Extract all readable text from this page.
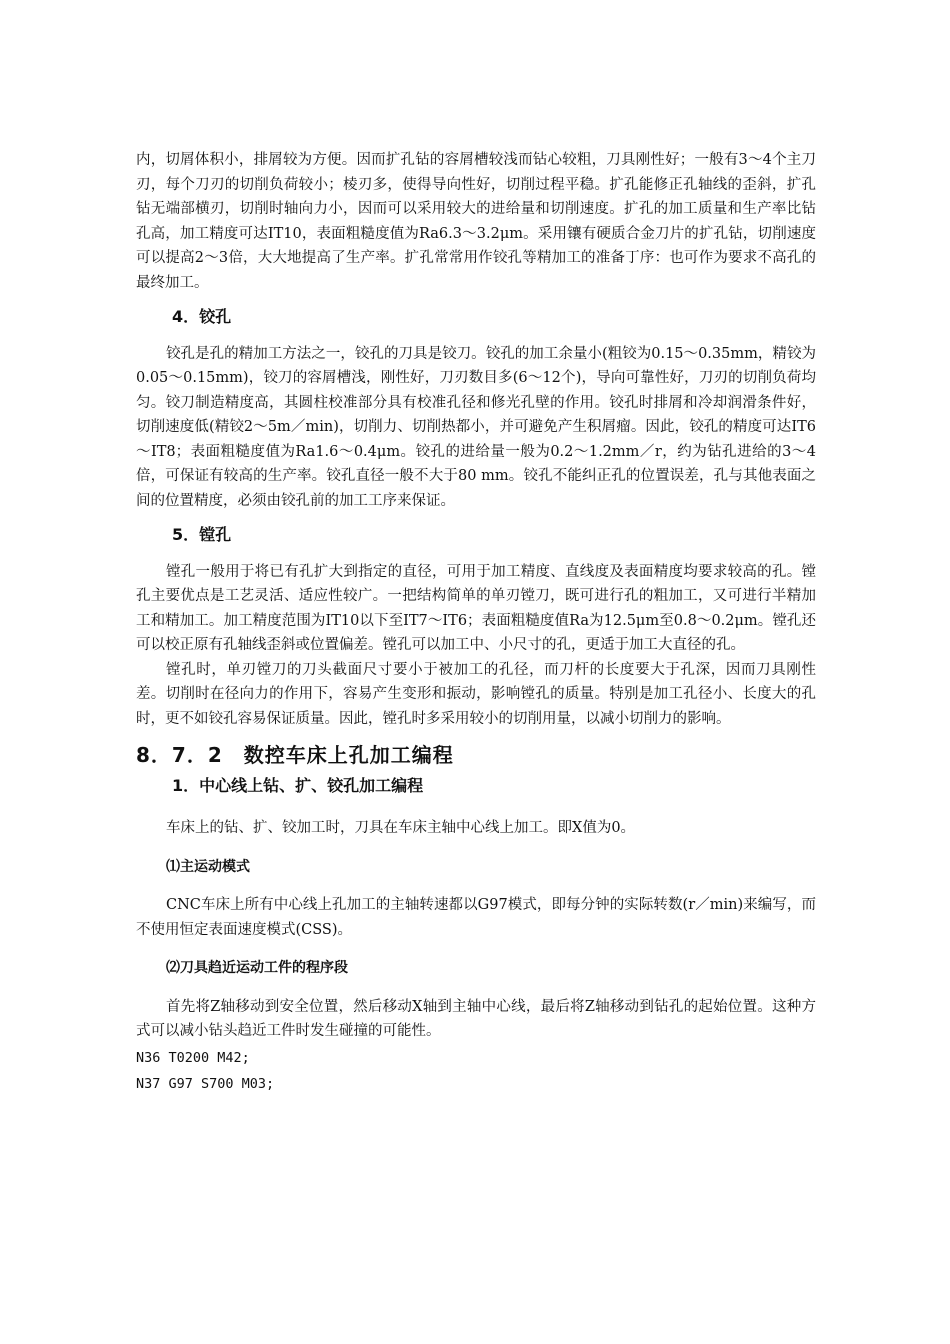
内，切屑体积小，排屑较为方便。因而扩孔钻的容屑槽较浅而钻心较粗，刀具刚性好；一般有3～4个主刀刃，每个刀刃的切削负荷较小；棱刃多，使得导向性好，切削过程平稳。扩孔能修正孔轴线的歪斜，扩孔钻无端部横刃，切削时轴向力小，因而可以采用较大的进给量和切削速度。扩孔的加工质量和生产率比钻孔高，加工精度可达IT10，表面粗糙度值为Ra6.3～3.2μm。采用镶有硬质合金刀片的扩孔钻，切削速度可以提高2～3倍，大大地提高了生产率。扩孔常常用作铰孔等精加工的准备丁序：也可作为要求不高孔的最终加工。

4．铰孔

铰孔是孔的精加工方法之一，铰孔的刀具是铰刀。铰孔的加工余量小(粗铰为0.15～0.35mm，精铰为0.05～0.15mm)，铰刀的容屑槽浅，刚性好，刀刃数目多(6～12个)，导向可靠性好，刀刃的切削负荷均匀。铰刀制造精度高，其圆柱校准部分具有校准孔径和修光孔壁的作用。铰孔时排屑和冷却润滑条件好，切削速度低(精铰2～5m／min)，切削力、切削热都小，并可避免产生积屑瘤。因此，铰孔的精度可达IT6～IT8；表面粗糙度值为Ra1.6～0.4μm。铰孔的进给量一般为0.2～1.2mm／r，约为钻孔进给的3～4倍，可保证有较高的生产率。铰孔直径一般不大于80 mm。铰孔不能纠正孔的位置误差，孔与其他表面之间的位置精度，必须由铰孔前的加工工序来保证。

5．镗孔

镗孔一般用于将已有孔扩大到指定的直径，可用于加工精度、直线度及表面精度均要求较高的孔。镗孔主要优点是工艺灵活、适应性较广。一把结构简单的单刃镗刀，既可进行孔的粗加工，又可进行半精加工和精加工。加工精度范围为IT10以下至IT7～IT6；表面粗糙度值Ra为12.5μm至0.8～0.2μm。镗孔还可以校正原有孔轴线歪斜或位置偏差。镗孔可以加工中、小尺寸的孔，更适于加工大直径的孔。

镗孔时，单刃镗刀的刀头截面尺寸要小于被加工的孔径，而刀杆的长度要大于孔深，因而刀具刚性差。切削时在径向力的作用下，容易产生变形和振动，影响镗孔的质量。特别是加工孔径小、长度大的孔时，更不如铰孔容易保证质量。因此，镗孔时多采用较小的切削用量，以减小切削力的影响。

8．7．2　数控车床上孔加工编程

1．中心线上钻、扩、铰孔加工编程

车床上的钻、扩、铰加工时，刀具在车床主轴中心线上加工。即X值为0。

⑴主运动模式

CNC车床上所有中心线上孔加工的主轴转速都以G97模式，即每分钟的实际转数(r／min)来编写，而不使用恒定表面速度模式(CSS)。

⑵刀具趋近运动工件的程序段

首先将Z轴移动到安全位置，然后移动X轴到主轴中心线，最后将Z轴移动到钻孔的起始位置。这种方式可以减小钻头趋近工件时发生碰撞的可能性。

N36 T0200 M42;

N37 G97 S700 M03;
